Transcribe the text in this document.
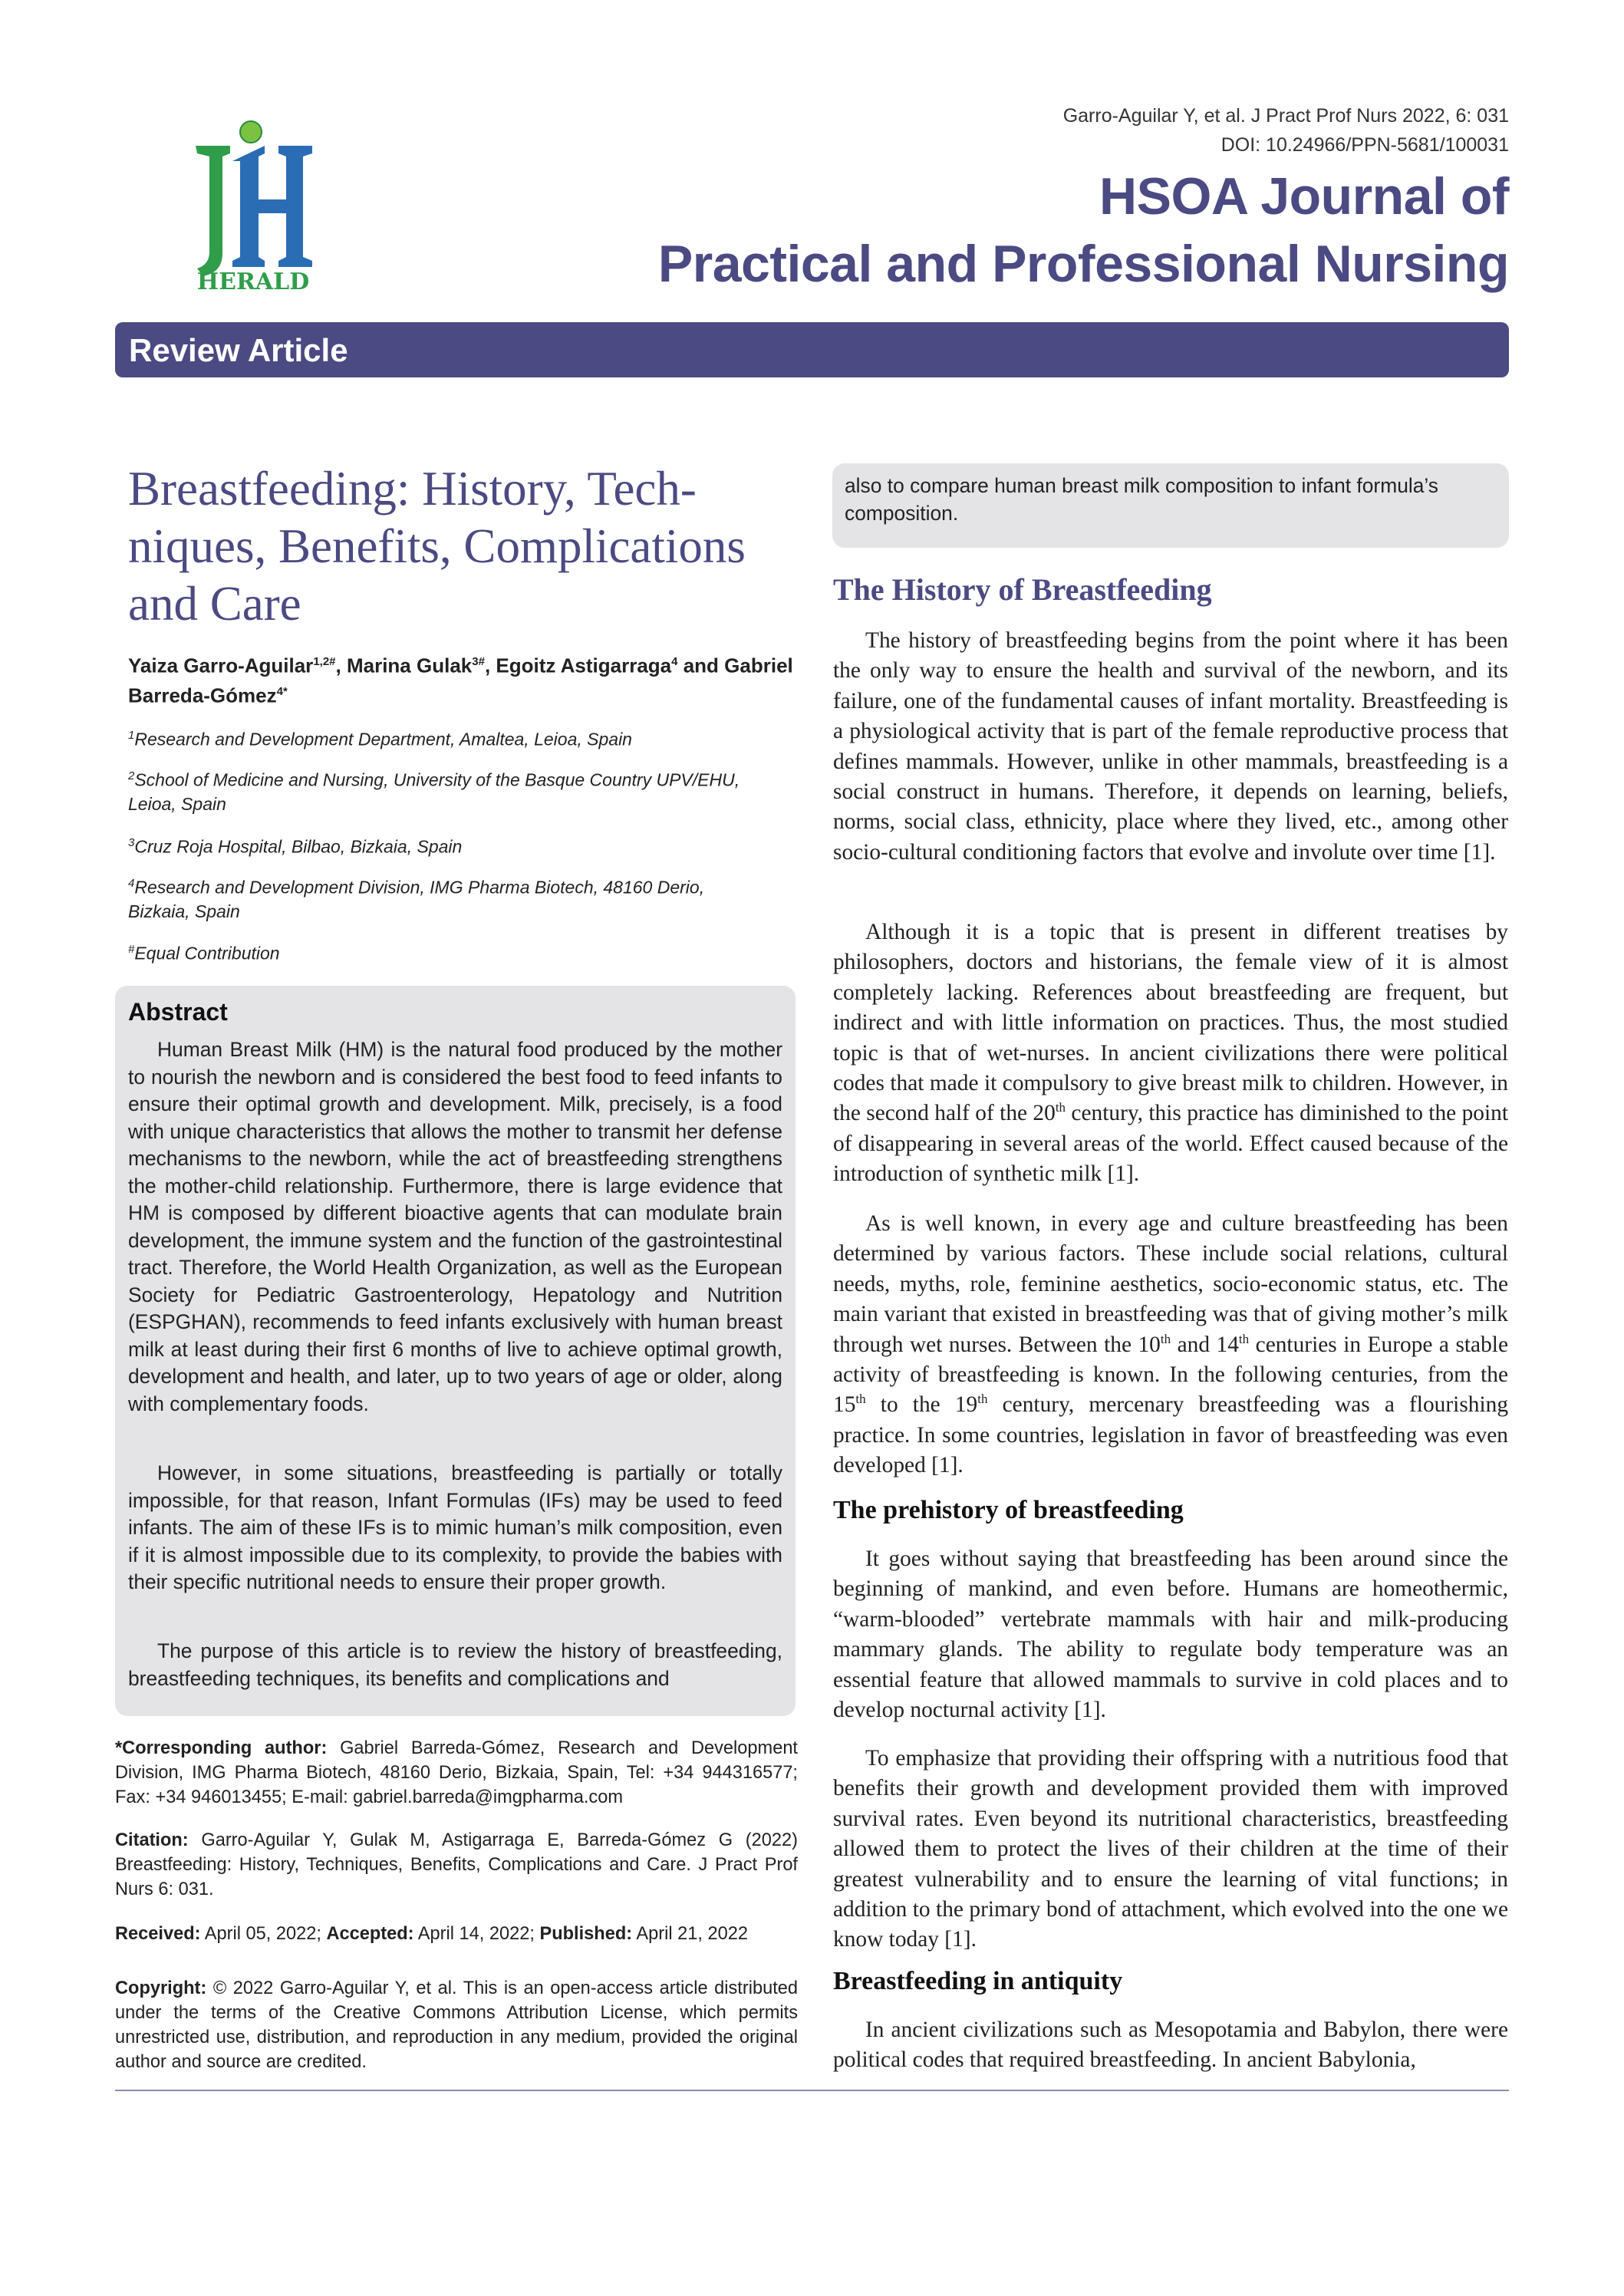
HERALD
Garro-Aguilar Y, et al. J Pract Prof Nurs 2022, 6: 031
DOI: 10.24966/PPN-5681/100031
HSOA Journal of
Practical and Professional Nursing
Review Article
Breastfeeding: History, Tech-niques, Benefits, Complications and Care
Yaiza Garro-Aguilar$^{1,2\#}$, Marina Gulak$^{3\#}$, Egoitz Astigarraga$^4$ and Gabriel Barreda-Gómez$^{4*}$
$^1$Research and Development Department, Amaltea, Leioa, Spain
$^2$School of Medicine and Nursing, University of the Basque Country UPV/EHU, Leioa, Spain
$^3$Cruz Roja Hospital, Bilbao, Bizkaia, Spain
$^4$Research and Development Division, IMG Pharma Biotech, 48160 Derio, Bizkaia, Spain
#Equal Contribution
Abstract

Human Breast Milk (HM) is the natural food produced by the mother to nourish the newborn and is considered the best food to feed infants to ensure their optimal growth and development. Milk, precisely, is a food with unique characteristics that allows the mother to transmit her defense mechanisms to the newborn, while the act of breastfeeding strengthens the mother-child relationship. Furthermore, there is large evidence that HM is composed by different bioactive agents that can modulate brain development, the immune system and the function of the gastrointestinal tract. Therefore, the World Health Organization, as well as the European Society for Pediatric Gastroenterology, Hepatology and Nutrition (ESPGHAN), recommends to feed infants exclusively with human breast milk at least during their first 6 months of live to achieve optimal growth, development and health, and later, up to two years of age or older, along with complementary foods.

However, in some situations, breastfeeding is partially or totally impossible, for that reason, Infant Formulas (IFs) may be used to feed infants. The aim of these IFs is to mimic human’s milk composition, even if it is almost impossible due to its complexity, to provide the babies with their specific nutritional needs to ensure their proper growth.

The purpose of this article is to review the history of breastfeeding, breastfeeding techniques, its benefits and complications and

*Corresponding author: Gabriel Barreda-Gómez, Research and Development Division, IMG Pharma Biotech, 48160 Derio, Bizkaia, Spain, Tel: +34 944316577; Fax: +34 946013455; E-mail: gabriel.barreda@imgpharma.com
Citation: Garro-Aguilar Y, Gulak M, Astigarraga E, Barreda-Gómez G (2022) Breastfeeding: History, Techniques, Benefits, Complications and Care. J Pract Prof Nurs 6: 031.
Received: April 05, 2022; Accepted: April 14, 2022; Published: April 21, 2022
Copyright: © 2022 Garro-Aguilar Y, et al. This is an open-access article distributed under the terms of the Creative Commons Attribution License, which permits unrestricted use, distribution, and reproduction in any medium, provided the original author and source are credited.

also to compare human breast milk composition to infant formula’s composition.

The History of Breastfeeding

The history of breastfeeding begins from the point where it has been the only way to ensure the health and survival of the newborn, and its failure, one of the fundamental causes of infant mortality. Breastfeeding is a physiological activity that is part of the female reproductive process that defines mammals. However, unlike in other mammals, breastfeeding is a social construct in humans. Therefore, it depends on learning, beliefs, norms, social class, ethnicity, place where they lived, etc., among other socio-cultural conditioning factors that evolve and involute over time [1].

Although it is a topic that is present in different treatises by philosophers, doctors and historians, the female view of it is almost completely lacking. References about breastfeeding are frequent, but indirect and with little information on practices. Thus, the most studied topic is that of wet-nurses. In ancient civilizations there were political codes that made it compulsory to give breast milk to children. However, in the second half of the 20th century, this practice has diminished to the point of disappearing in several areas of the world. Effect caused because of the introduction of synthetic milk [1].

As is well known, in every age and culture breastfeeding has been determined by various factors. These include social relations, cultural needs, myths, role, feminine aesthetics, socio-economic status, etc. The main variant that existed in breastfeeding was that of giving mother’s milk through wet nurses. Between the 10th and 14th centuries in Europe a stable activity of breastfeeding is known. In the following centuries, from the 15th to the 19th century, mercenary breastfeeding was a flourishing practice. In some countries, legislation in favor of breastfeeding was even developed [1].

The prehistory of breastfeeding

It goes without saying that breastfeeding has been around since the beginning of mankind, and even before. Humans are homeothermic, “warm-blooded” vertebrate mammals with hair and milk-producing mammary glands. The ability to regulate body temperature was an essential feature that allowed mammals to survive in cold places and to develop nocturnal activity [1].

To emphasize that providing their offspring with a nutritious food that benefits their growth and development provided them with improved survival rates. Even beyond its nutritional characteristics, breastfeeding allowed them to protect the lives of their children at the time of their greatest vulnerability and to ensure the learning of vital functions; in addition to the primary bond of attachment, which evolved into the one we know today [1].

Breastfeeding in antiquity

In ancient civilizations such as Mesopotamia and Babylon, there were political codes that required breastfeeding. In ancient Babylonia,
